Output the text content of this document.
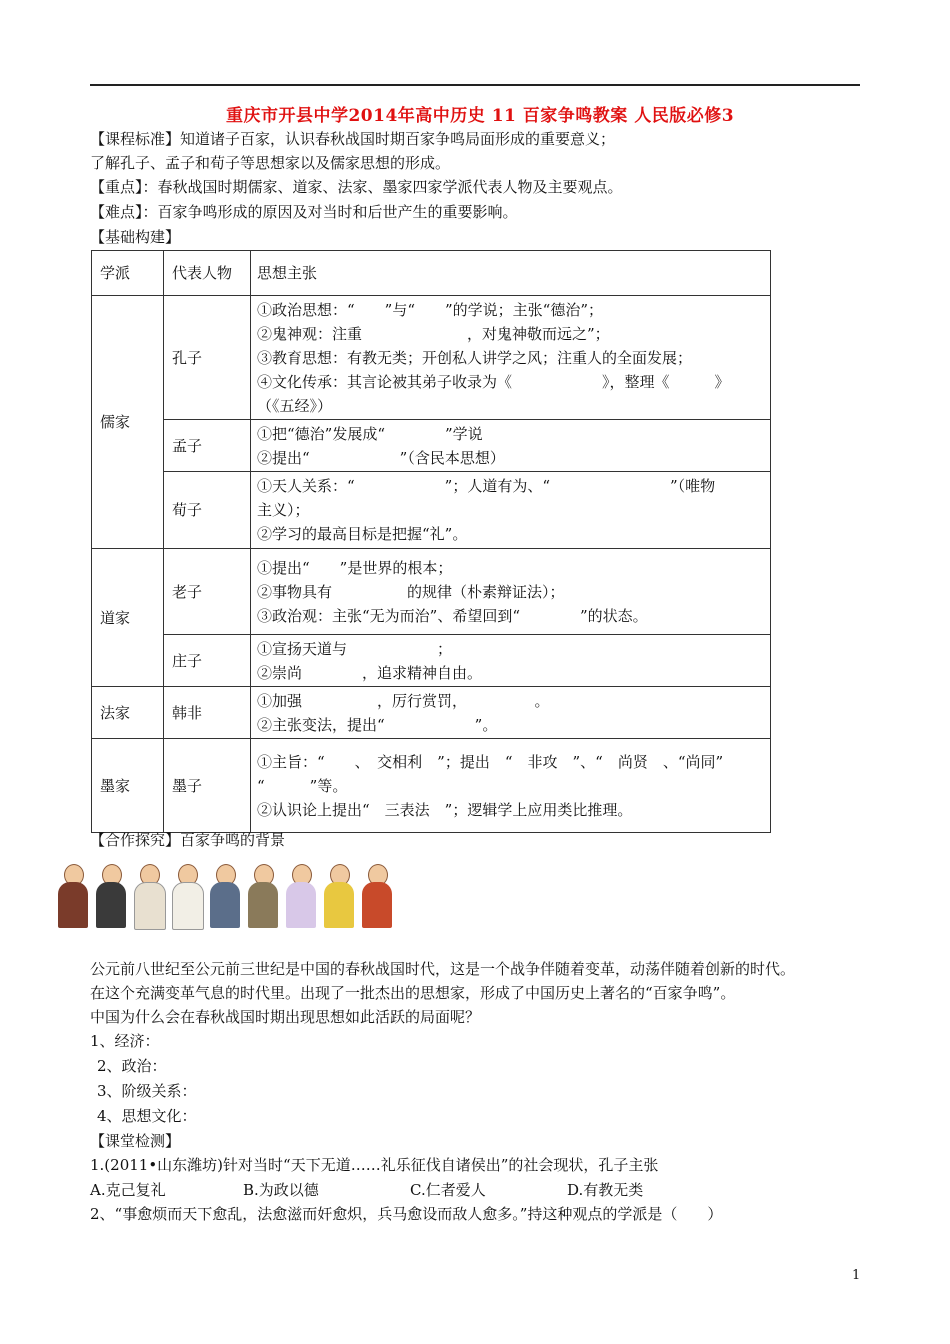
重庆市开县中学2014年高中历史 11 百家争鸣教案 人民版必修3
【课程标准】知道诸子百家，认识春秋战国时期百家争鸣局面形成的重要意义；
了解孔子、孟子和荀子等思想家以及儒家思想的形成。
【重点】：春秋战国时期儒家、道家、法家、墨家四家学派代表人物及主要观点。
【难点】：百家争鸣形成的原因及对当时和后世产生的重要影响。
【基础构建】
学派	代表人物	思想主张
儒家	孔子	①政治思想：“　　”与“　　”的学说；主张“德治”；
②鬼神观：注重　　　　　　　，对鬼神敬而远之”；
③教育思想：有教无类；开创私人讲学之风；注重人的全面发展；
④文化传承：其言论被其弟子收录为《　　　　　　》，整理《　　　》
（《五经》）

	孟子	①把“德治”发展成“　　　　”学说
②提出“　　　　　　”（含民本思想）

	荀子	①天人关系：“　　　　　　”；人道有为、“　　　　　　　　”（唯物
主义）；
②学习的最高目标是把握“礼”。

道家	老子	①提出“　　”是世界的根本；
②事物具有　　　　　的规律（朴素辩证法）；
③政治观：主张“无为而治”、希望回到“　　　　”的状态。

	庄子	①宣扬天道与　　　　　　；
②崇尚　　　　，追求精神自由。

法家	韩非	①加强　　　　　，厉行赏罚，　　　　　。
②主张变法，提出“　　　　　　”。

墨家	墨子	①主旨：“　　、　交相利　”；提出　“　非攻　”、“　尚贤　、“尚同”
“　　　”等。
②认识论上提出“　三表法　”；逻辑学上应用类比推理。
【合作探究】百家争鸣的背景
公元前八世纪至公元前三世纪是中国的春秋战国时代，这是一个战争伴随着变革，动荡伴随着创新的时代。
在这个充满变革气息的时代里。出现了一批杰出的思想家，形成了中国历史上著名的“百家争鸣”。
中国为什么会在春秋战国时期出现思想如此活跃的局面呢？
1、经济：
2、政治：
3、阶级关系：
4、思想文化：
【课堂检测】
1.(2011•山东潍坊)针对当时“天下无道……礼乐征伐自诸侯出”的社会现状，孔子主张
A.克己复礼	B.为政以德	C.仁者爱人	D.有教无类
2、“事愈烦而天下愈乱，法愈滋而奸愈炽，兵马愈设而敌人愈多。”持这种观点的学派是（　　）
1
